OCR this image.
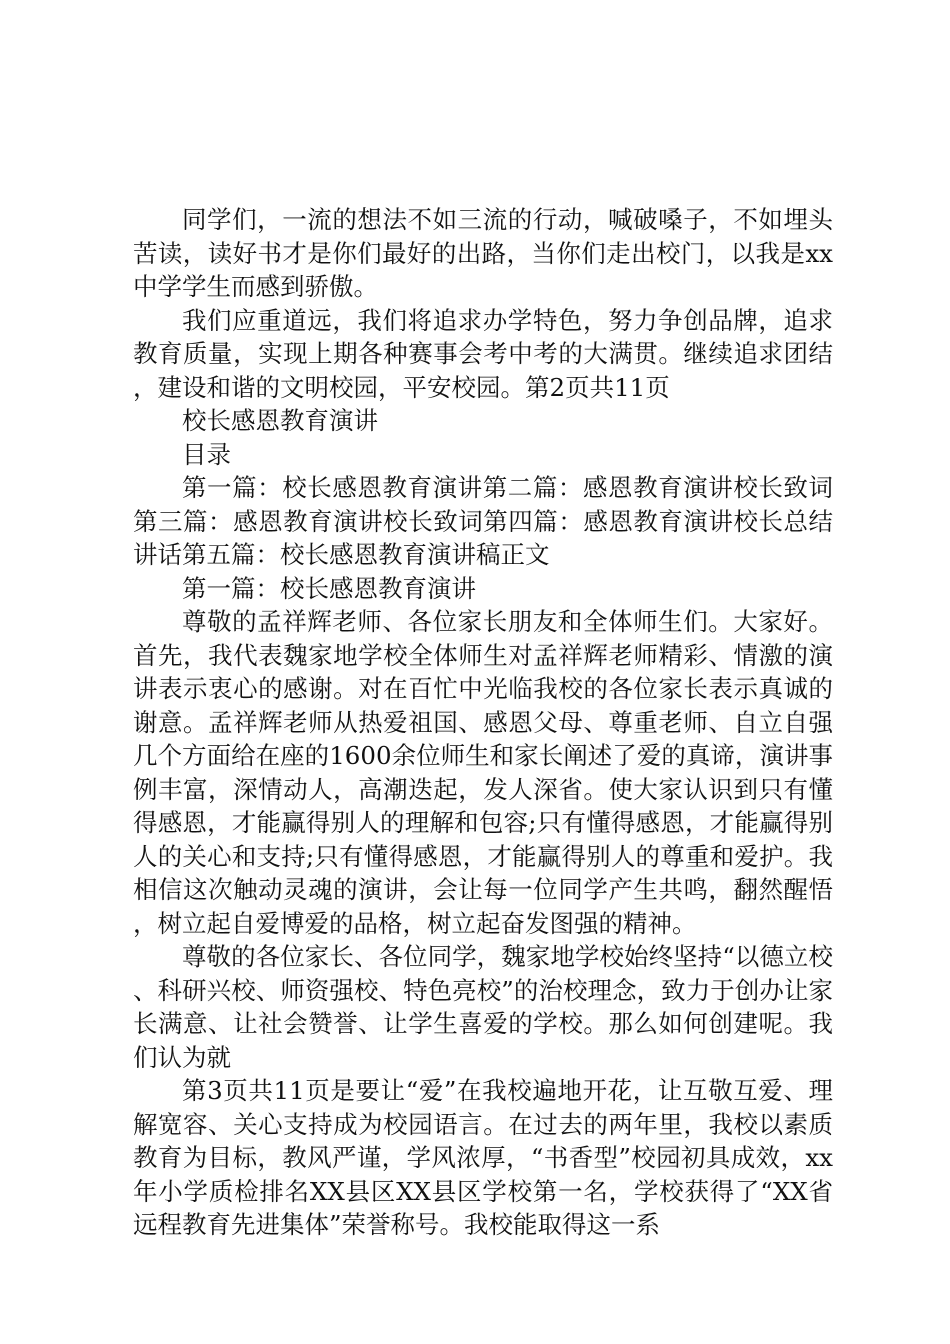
同学们，一流的想法不如三流的行动，喊破嗓子，不如埋头苦读，读好书才是你们最好的出路，当你们走出校门，以我是xx中学学生而感到骄傲。

我们应重道远，我们将追求办学特色，努力争创品牌，追求教育质量，实现上期各种赛事会考中考的大满贯。继续追求团结，建设和谐的文明校园，平安校园。第2页共11页

校长感恩教育演讲

目录

第一篇：校长感恩教育演讲第二篇：感恩教育演讲校长致词第三篇：感恩教育演讲校长致词第四篇：感恩教育演讲校长总结讲话第五篇：校长感恩教育演讲稿正文

第一篇：校长感恩教育演讲

尊敬的孟祥辉老师、各位家长朋友和全体师生们。大家好。首先，我代表魏家地学校全体师生对孟祥辉老师精彩、情激的演讲表示衷心的感谢。对在百忙中光临我校的各位家长表示真诚的谢意。孟祥辉老师从热爱祖国、感恩父母、尊重老师、自立自强几个方面给在座的1600余位师生和家长阐述了爱的真谛，演讲事例丰富，深情动人，高潮迭起，发人深省。使大家认识到只有懂得感恩，才能赢得别人的理解和包容;只有懂得感恩，才能赢得别人的关心和支持;只有懂得感恩，才能赢得别人的尊重和爱护。我相信这次触动灵魂的演讲，会让每一位同学产生共鸣，翻然醒悟，树立起自爱博爱的品格，树立起奋发图强的精神。

尊敬的各位家长、各位同学，魏家地学校始终坚持“以德立校、科研兴校、师资强校、特色亮校”的治校理念，致力于创办让家长满意、让社会赞誉、让学生喜爱的学校。那么如何创建呢。我们认为就

第3页共11页是要让“爱”在我校遍地开花，让互敬互爱、理解宽容、关心支持成为校园语言。在过去的两年里，我校以素质教育为目标，教风严谨，学风浓厚，“书香型”校园初具成效，xx年小学质检排名XX县区XX县区学校第一名，学校获得了“XX省远程教育先进集体”荣誉称号。我校能取得这一系
